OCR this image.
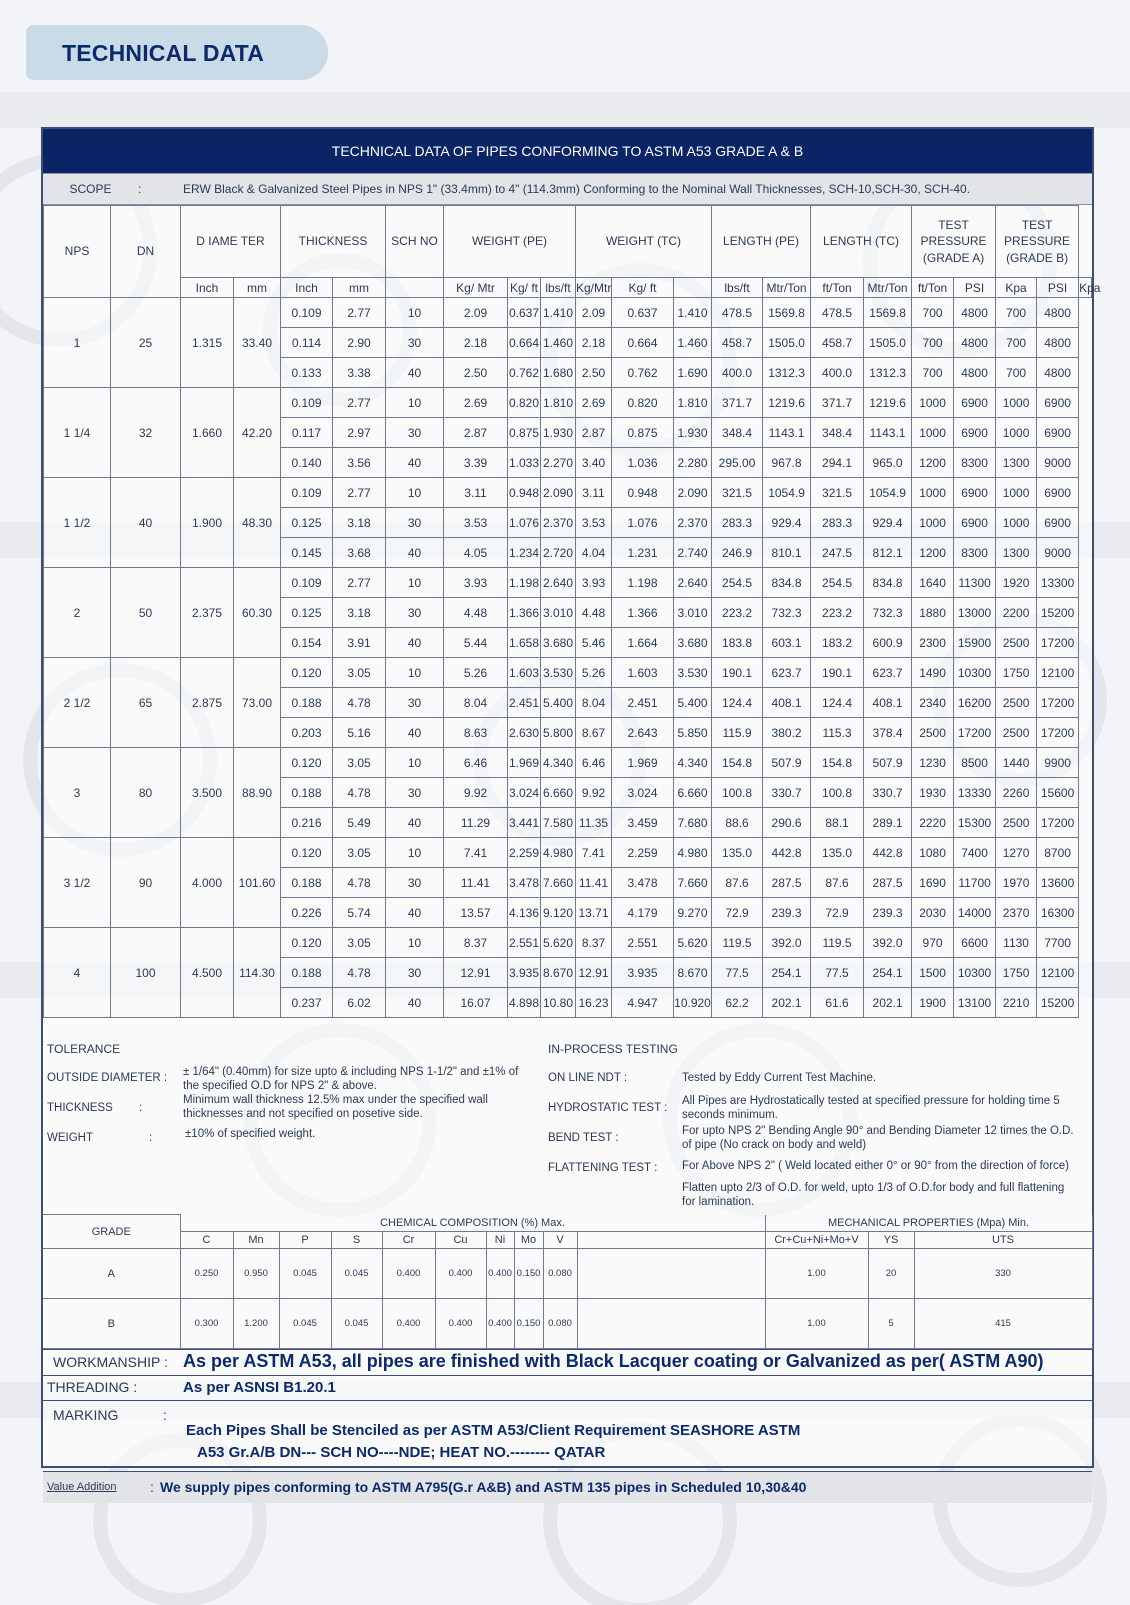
TECHNICAL DATA
TECHNICAL DATA OF PIPES CONFORMING TO ASTM A53 GRADE A & B
SCOPE	:	ERW Black & Galvanized Steel Pipes in NPS 1" (33.4mm) to 4" (114.3mm) Conforming to the Nominal Wall Thicknesses, SCH-10,SCH-30, SCH-40.
NPS	DN	D IAME TER		THICKNESS		SCH NO	WEIGHT (PE)			WEIGHT (TC)			LENGTH (PE)		LENGTH (TC)		TEST PRESSURE (GRADE A)		TEST PRESSURE (GRADE B)		
		Inch	mm	Inch	mm		Kg/ Mtr	Kg/ ft	lbs/ft	Kg/Mtr	Kg/ ft		lbs/ft	Mtr/Ton	ft/Ton	Mtr/Ton	ft/Ton	PSI	Kpa	PSI	Kpa
1	25	1.315	33.40	0.109	2.77	10	2.09	0.637	1.410	2.09	0.637	1.410	478.5	1569.8	478.5	1569.8	700	4800	700	4800	
				0.114	2.90	30	2.18	0.664	1.460	2.18	0.664	1.460	458.7	1505.0	458.7	1505.0	700	4800	700	4800	
				0.133	3.38	40	2.50	0.762	1.680	2.50	0.762	1.690	400.0	1312.3	400.0	1312.3	700	4800	700	4800	
1 1/4	32	1.660	42.20	0.109	2.77	10	2.69	0.820	1.810	2.69	0.820	1.810	371.7	1219.6	371.7	1219.6	1000	6900	1000	6900	
				0.117	2.97	30	2.87	0.875	1.930	2.87	0.875	1.930	348.4	1143.1	348.4	1143.1	1000	6900	1000	6900	
				0.140	3.56	40	3.39	1.033	2.270	3.40	1.036	2.280	295.00	967.8	294.1	965.0	1200	8300	1300	9000	
1 1/2	40	1.900	48.30	0.109	2.77	10	3.11	0.948	2.090	3.11	0.948	2.090	321.5	1054.9	321.5	1054.9	1000	6900	1000	6900	
				0.125	3.18	30	3.53	1.076	2.370	3.53	1.076	2.370	283.3	929.4	283.3	929.4	1000	6900	1000	6900	
				0.145	3.68	40	4.05	1.234	2.720	4.04	1.231	2.740	246.9	810.1	247.5	812.1	1200	8300	1300	9000	
2	50	2.375	60.30	0.109	2.77	10	3.93	1.198	2.640	3.93	1.198	2.640	254.5	834.8	254.5	834.8	1640	11300	1920	13300	
				0.125	3.18	30	4.48	1.366	3.010	4.48	1.366	3.010	223.2	732.3	223.2	732.3	1880	13000	2200	15200	
				0.154	3.91	40	5.44	1.658	3.680	5.46	1.664	3.680	183.8	603.1	183.2	600.9	2300	15900	2500	17200	
2 1/2	65	2.875	73.00	0.120	3.05	10	5.26	1.603	3.530	5.26	1.603	3.530	190.1	623.7	190.1	623.7	1490	10300	1750	12100	
				0.188	4.78	30	8.04	2.451	5.400	8.04	2.451	5.400	124.4	408.1	124.4	408.1	2340	16200	2500	17200	
				0.203	5.16	40	8.63	2.630	5.800	8.67	2.643	5.850	115.9	380.2	115.3	378.4	2500	17200	2500	17200	
3	80	3.500	88.90	0.120	3.05	10	6.46	1.969	4.340	6.46	1.969	4.340	154.8	507.9	154.8	507.9	1230	8500	1440	9900	
				0.188	4.78	30	9.92	3.024	6.660	9.92	3.024	6.660	100.8	330.7	100.8	330.7	1930	13330	2260	15600	
				0.216	5.49	40	11.29	3.441	7.580	11.35	3.459	7.680	88.6	290.6	88.1	289.1	2220	15300	2500	17200	
3 1/2	90	4.000	101.60	0.120	3.05	10	7.41	2.259	4.980	7.41	2.259	4.980	135.0	442.8	135.0	442.8	1080	7400	1270	8700	
				0.188	4.78	30	11.41	3.478	7.660	11.41	3.478	7.660	87.6	287.5	87.6	287.5	1690	11700	1970	13600	
				0.226	5.74	40	13.57	4.136	9.120	13.71	4.179	9.270	72.9	239.3	72.9	239.3	2030	14000	2370	16300	
4	100	4.500	114.30	0.120	3.05	10	8.37	2.551	5.620	8.37	2.551	5.620	119.5	392.0	119.5	392.0	970	6600	1130	7700	
				0.188	4.78	30	12.91	3.935	8.670	12.91	3.935	8.670	77.5	254.1	77.5	254.1	1500	10300	1750	12100	
				0.237	6.02	40	16.07	4.898	10.80	16.23	4.947	10.920	62.2	202.1	61.6	202.1	1900	13100	2210	15200	
TOLERANCE
OUTSIDE DIAMETER : ± 1/64" (0.40mm) for size upto & including NPS 1-1/2" and ±1% of the specified O.D for NPS 2" & above.
THICKNESS :
Minimum wall thickness 12.5% max under the specified wall thicknesses and not specified on posetive side.
WEIGHT	:	±10% of specified weight.
IN-PROCESS TESTING
ON LINE NDT :	Tested by Eddy Current Test Machine.
HYDROSTATIC TEST :
All Pipes are Hydrostatically tested at specified pressure for holding time 5 seconds minimum.
BEND TEST :
For upto NPS 2" Bending Angle 90° and Bending Diameter 12 times the O.D. of pipe (No crack on body and weld)
FLATTENING TEST : For Above NPS 2" ( Weld located either 0° or 90° from the direction of force)
Flatten upto 2/3 of O.D. for weld, upto 1/3 of O.D.for body and full flattening for lamination.
GRADE	CHEMICAL COMPOSITION (%) Max.										MECHANICAL PROPERTIES (Mpa) Min.			
	C	Mn	P	S	Cr	Cu	Ni	Mo	V		Cr+Cu+Ni+Mo+V	YS	UTS	
A	0.250	0.950	0.045	0.045	0.400	0.400	0.400	0.150	0.080		1.00	20	330	
B	0.300	1.200	0.045	0.045	0.400	0.400	0.400	0.150	0.080		1.00	5	415	
WORKMANSHIP : As per ASTM A53, all pipes are finished with Black Lacquer coating or Galvanized as per( ASTM A90)
THREADING :	As per ASNSI B1.20.1
MARKING	:
Each Pipes Shall be Stenciled as per ASTM A53/Client Requirement SEASHORE ASTM
A53 Gr.A/B DN--- SCH NO----NDE; HEAT NO.-------- QATAR
Value Addition : We supply pipes conforming to ASTM A795(G.r A&B) and ASTM 135 pipes in Scheduled 10,30&40
